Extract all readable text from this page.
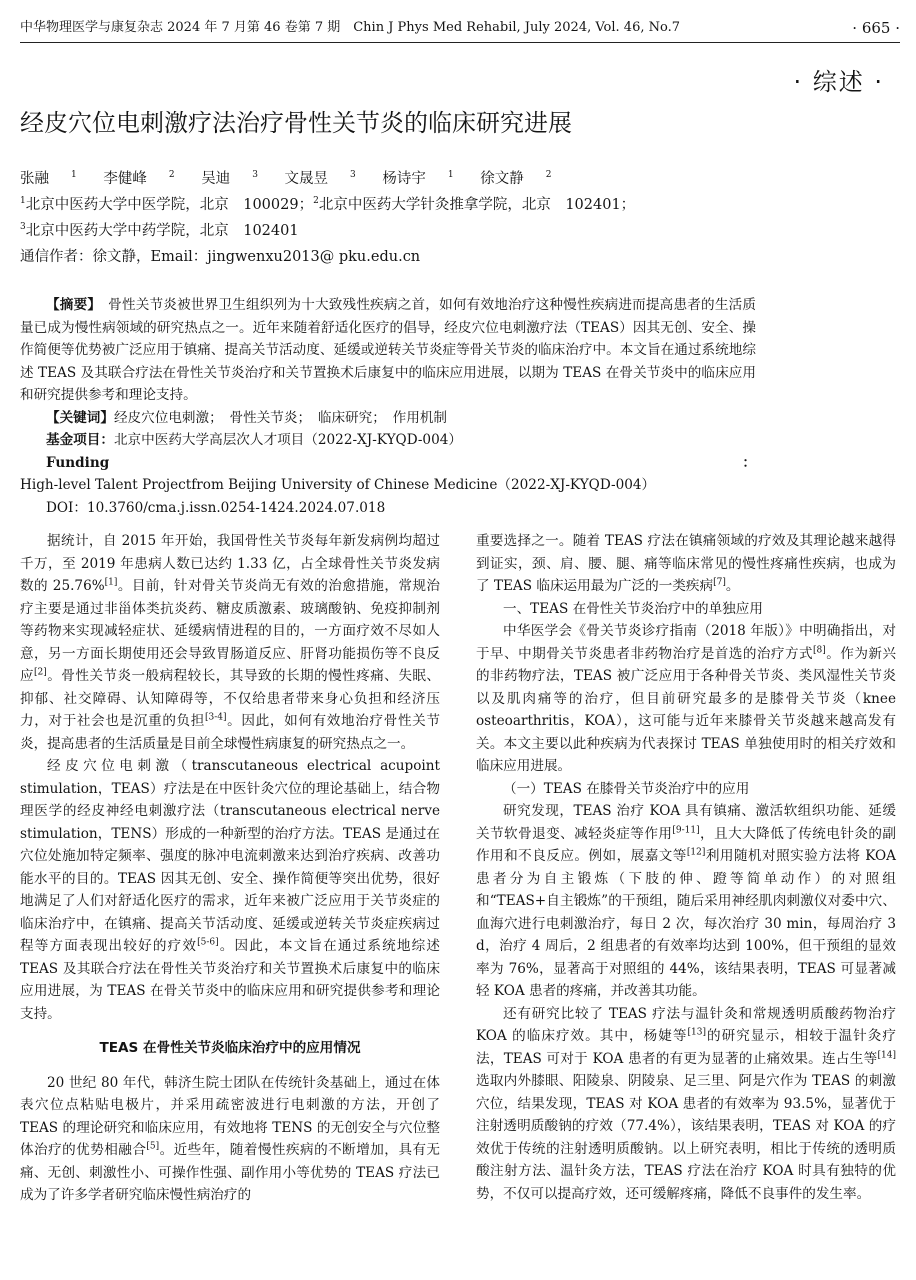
中华物理医学与康复杂志 2024 年 7 月第 46 卷第 7 期　Chin J Phys Med Rehabil, July 2024, Vol. 46, No.7	· 665 ·
· 综述 ·
经皮穴位电刺激疗法治疗骨性关节炎的临床研究进展
张融 $^1$ 李健峰 $^2$ 吴迪 $^3$ 文晟昱 $^3$ 杨诗宇 $^1$ 徐文静 $^2$
$^1$北京中医药大学中医学院，北京　100029；$^2$北京中医药大学针灸推拿学院，北京　102401；
$^3$北京中医药大学中药学院，北京　102401
通信作者：徐文静，Email：jingwenxu2013@ pku.edu.cn

【摘要】　 骨性关节炎被世界卫生组织列为十大致残性疾病之首，如何有效地治疗这种慢性疾病进而提高患者的生活质量已成为慢性病领域的研究热点之一。近年来随着舒适化医疗的倡导，经皮穴位电刺激疗法（TEAS）因其无创、安全、操作简便等优势被广泛应用于镇痛、提高关节活动度、延缓或逆转关节炎症等骨关节炎的临床治疗中。本文旨在通过系统地综述 TEAS 及其联合疗法在骨性关节炎治疗和关节置换术后康复中的临床应用进展，以期为 TEAS 在骨关节炎中的临床应用和研究提供参考和理论支持。

【关键词】经皮穴位电刺激；　骨性关节炎；　临床研究；　作用机制

基金项目：北京中医药大学高层次人才项目（2022-XJ-KYQD-004）

Funding：High-level Talent Projectfrom Beijing University of Chinese Medicine（2022-XJ-KYQD-004）

DOI：10.3760/cma.j.issn.0254-1424.2024.07.018

据统计，自 2015 年开始，我国骨性关节炎每年新发病例均超过千万，至 2019 年患病人数已达约 1.33 亿，占全球骨性关节炎发病数的 25.76%[1]。目前，针对骨关节炎尚无有效的治愈措施，常规治疗主要是通过非甾体类抗炎药、糖皮质激素、玻璃酸钠、免疫抑制剂等药物来实现减轻症状、延缓病情进程的目的，一方面疗效不尽如人意，另一方面长期使用还会导致胃肠道反应、肝肾功能损伤等不良反应[2]。骨性关节炎一般病程较长，其导致的长期的慢性疼痛、失眠、抑郁、社交障碍、认知障碍等，不仅给患者带来身心负担和经济压力，对于社会也是沉重的负担[3-4]。因此，如何有效地治疗骨性关节炎，提高患者的生活质量是目前全球慢性病康复的研究热点之一。

经皮穴位电刺激（transcutaneous electrical acupoint stimulation，TEAS）疗法是在中医针灸穴位的理论基础上，结合物理医学的经皮神经电刺激疗法（transcutaneous electrical nerve stimulation，TENS）形成的一种新型的治疗方法。TEAS 是通过在穴位处施加特定频率、强度的脉冲电流刺激来达到治疗疾病、改善功能水平的目的。TEAS 因其无创、安全、操作简便等突出优势，很好地满足了人们对舒适化医疗的需求，近年来被广泛应用于关节炎症的临床治疗中，在镇痛、提高关节活动度、延缓或逆转关节炎症疾病过程等方面表现出较好的疗效[5-6]。因此，本文旨在通过系统地综述 TEAS 及其联合疗法在骨性关节炎治疗和关节置换术后康复中的临床应用进展，为 TEAS 在骨关节炎中的临床应用和研究提供参考和理论支持。

TEAS 在骨性关节炎临床治疗中的应用情况

20 世纪 80 年代，韩济生院士团队在传统针灸基础上，通过在体表穴位点粘贴电极片，并采用疏密波进行电刺激的方法，开创了 TEAS 的理论研究和临床应用，有效地将 TENS 的无创安全与穴位整体治疗的优势相融合[5]。近些年，随着慢性疾病的不断增加，具有无痛、无创、刺激性小、可操作性强、副作用小等优势的 TEAS 疗法已成为了许多学者研究临床慢性病治疗的

重要选择之一。随着 TEAS 疗法在镇痛领域的疗效及其理论越来越得到证实，颈、肩、腰、腿、痛等临床常见的慢性疼痛性疾病，也成为了 TEAS 临床运用最为广泛的一类疾病[7]。

一、TEAS 在骨性关节炎治疗中的单独应用

中华医学会《骨关节炎诊疗指南（2018 年版）》中明确指出，对于早、中期骨关节炎患者非药物治疗是首选的治疗方式[8]。作为新兴的非药物疗法，TEAS 被广泛应用于各种骨关节炎、类风湿性关节炎以及肌肉痛等的治疗，但目前研究最多的是膝骨关节炎（knee osteoarthritis，KOA），这可能与近年来膝骨关节炎越来越高发有关。本文主要以此种疾病为代表探讨 TEAS 单独使用时的相关疗效和临床应用进展。

（一）TEAS 在膝骨关节炎治疗中的应用

研究发现，TEAS 治疗 KOA 具有镇痛、激活软组织功能、延缓关节软骨退变、减轻炎症等作用[9-11]，且大大降低了传统电针灸的副作用和不良反应。例如，展嘉文等[12]利用随机对照实验方法将 KOA 患者分为自主锻炼（下肢的伸、蹬等简单动作）的对照组和“TEAS+自主锻炼”的干预组，随后采用神经肌肉刺激仪对委中穴、血海穴进行电刺激治疗，每日 2 次，每次治疗 30 min，每周治疗 3 d，治疗 4 周后，2 组患者的有效率均达到 100%，但干预组的显效率为 76%，显著高于对照组的 44%，该结果表明，TEAS 可显著减轻 KOA 患者的疼痛，并改善其功能。

还有研究比较了 TEAS 疗法与温针灸和常规透明质酸药物治疗 KOA 的临床疗效。其中，杨婕等[13]的研究显示，相较于温针灸疗法，TEAS 可对于 KOA 患者的有更为显著的止痛效果。连占生等[14]选取内外膝眼、阳陵泉、阴陵泉、足三里、阿是穴作为 TEAS 的刺激穴位，结果发现，TEAS 对 KOA 患者的有效率为 93.5%，显著优于注射透明质酸钠的疗效（77.4%），该结果表明，TEAS 对 KOA 的疗效优于传统的注射透明质酸钠。以上研究表明，相比于传统的透明质酸注射方法、温针灸方法，TEAS 疗法在治疗 KOA 时具有独特的优势，不仅可以提高疗效，还可缓解疼痛，降低不良事件的发生率。
